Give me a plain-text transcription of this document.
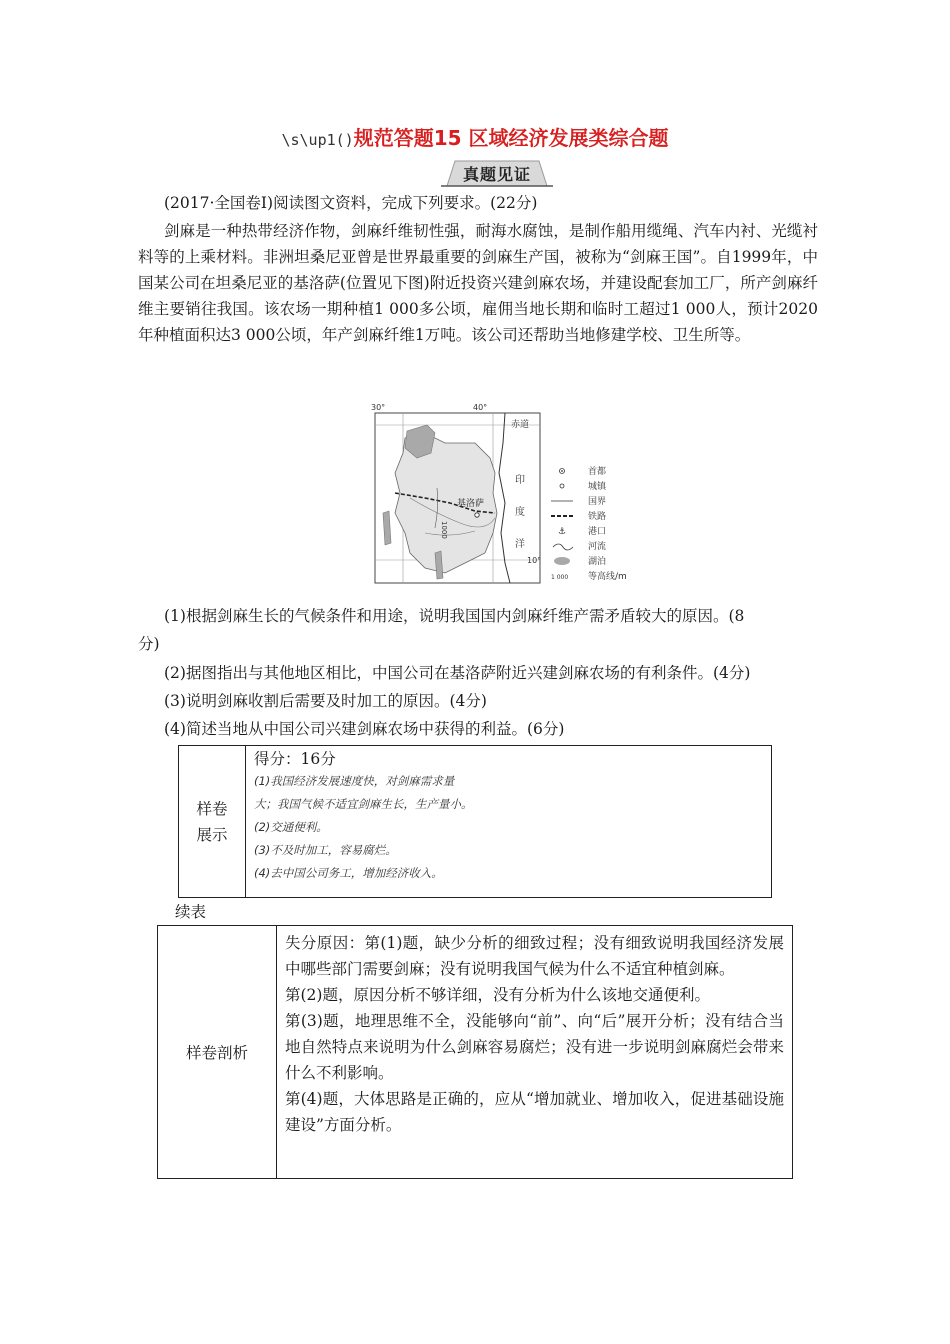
\s\up1()规范答题15 区域经济发展类综合题
真题见证
(2017·全国卷Ⅰ)阅读图文资料，完成下列要求。(22分)
剑麻是一种热带经济作物，剑麻纤维韧性强，耐海水腐蚀，是制作船用缆绳、汽车内衬、光缆衬料等的上乘材料。非洲坦桑尼亚曾是世界最重要的剑麻生产国，被称为“剑麻王国”。自1999年，中国某公司在坦桑尼亚的基洛萨(位置见下图)附近投资兴建剑麻农场，并建设配套加工厂，所产剑麻纤维主要销往我国。该农场一期种植1 000多公顷，雇佣当地长期和临时工超过1 000人，预计2020年种植面积达3 000公顷，年产剑麻纤维1万吨。该公司还帮助当地修建学校、卫生所等。
1000
基洛萨
30°	40°
赤道
印
度
洋
10°
首都
城镇
国界
铁路
⚓ 港口
河流
湖泊
1 000 等高线/m
(1)根据剑麻生长的气候条件和用途，说明我国国内剑麻纤维产需矛盾较大的原因。(8
分)
(2)据图指出与其他地区相比，中国公司在基洛萨附近兴建剑麻农场的有利条件。(4分)
(3)说明剑麻收割后需要及时加工的原因。(4分)
(4)简述当地从中国公司兴建剑麻农场中获得的利益。(6分)
样卷
展示

得分：16分
(1)我国经济发展速度快，对剑麻需求量
大；我国气候不适宜剑麻生长，生产量小。
(2)交通便利。
(3)不及时加工，容易腐烂。
(4)去中国公司务工，增加经济收入。
续表
样卷剖析	
失分原因：第(1)题，缺少分析的细致过程；没有细致说明我国经济发展中哪些部门需要剑麻；没有说明我国气候为什么不适宜种植剑麻。
第(2)题，原因分析不够详细，没有分析为什么该地交通便利。
第(3)题，地理思维不全，没能够向“前”、向“后”展开分析；没有结合当地自然特点来说明为什么剑麻容易腐烂；没有进一步说明剑麻腐烂会带来什么不利影响。
第(4)题，大体思路是正确的，应从“增加就业、增加收入，促进基础设施建设”方面分析。
